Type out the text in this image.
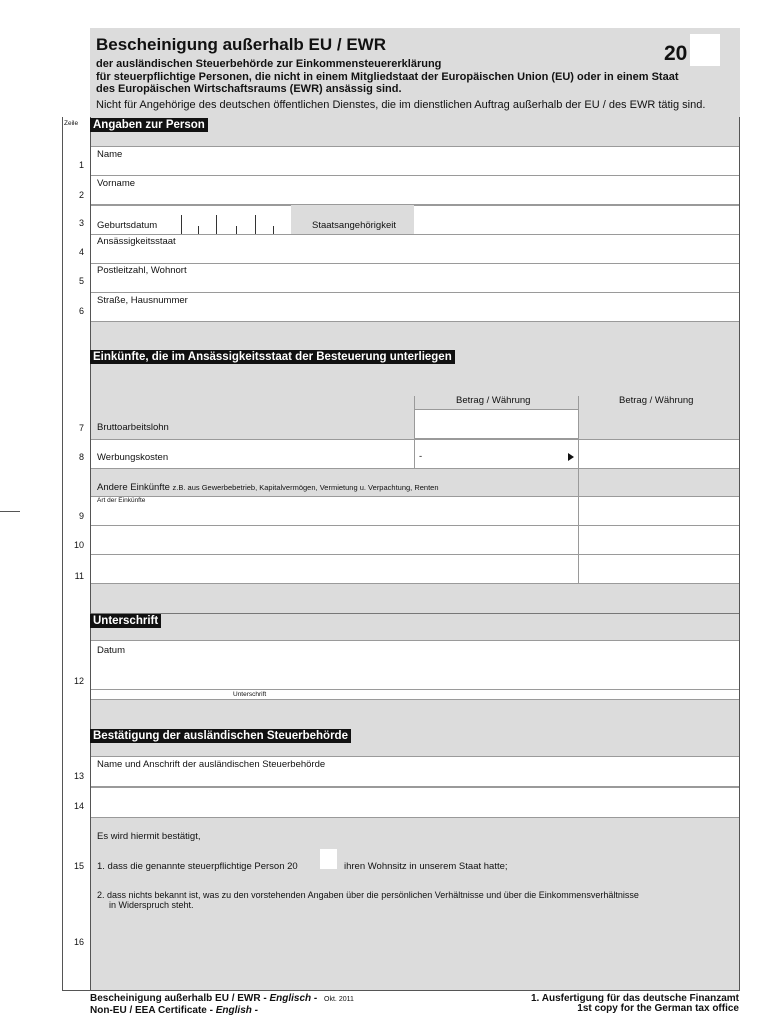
Bescheinigung außerhalb EU / EWR	20
der ausländischen Steuerbehörde zur Einkommensteuererklärung
für steuerpflichtige Personen, die nicht in einem Mitgliedstaat der Europäischen Union (EU) oder in einem Staat
des Europäischen Wirtschaftsraums (EWR) ansässig sind.
Nicht für Angehörige des deutschen öffentlichen Dienstes, die im dienstlichen Auftrag außerhalb der EU / des EWR tätig sind.
Zeile Angaben zur Person
Name
1
Vorname
2
Geburtsdatum	Staatsangehörigkeit
3
Ansässigkeitsstaat
4
Postleitzahl, Wohnort
5
Straße, Hausnummer
6
Einkünfte, die im Ansässigkeitsstaat der Besteuerung unterliegen
Betrag / Währung	Betrag / Währung
Bruttoarbeitslohn
7
Werbungskosten	-
8
Andere Einkünfte z.B. aus Gewerbebetrieb, Kapitalvermögen, Vermietung u. Verpachtung, Renten
Art der Einkünfte
9
10
11
Unterschrift
Datum
Unterschrift
12
Bestätigung der ausländischen Steuerbehörde
Name und Anschrift der ausländischen Steuerbehörde
13
14
Es wird hiermit bestätigt,
1. dass die genannte steuerpflichtige Person 20	ihren Wohnsitz in unserem Staat hatte;
15
2. dass nichts bekannt ist, was zu den vorstehenden Angaben über die persönlichen Verhältnisse und über die Einkommensverhältnisse
in Widerspruch steht.
16
Bescheinigung außerhalb EU / EWR - Englisch - Okt. 2011
Non-EU / EEA Certificate - English -
1. Ausfertigung für das deutsche Finanzamt
1st copy for the German tax office
